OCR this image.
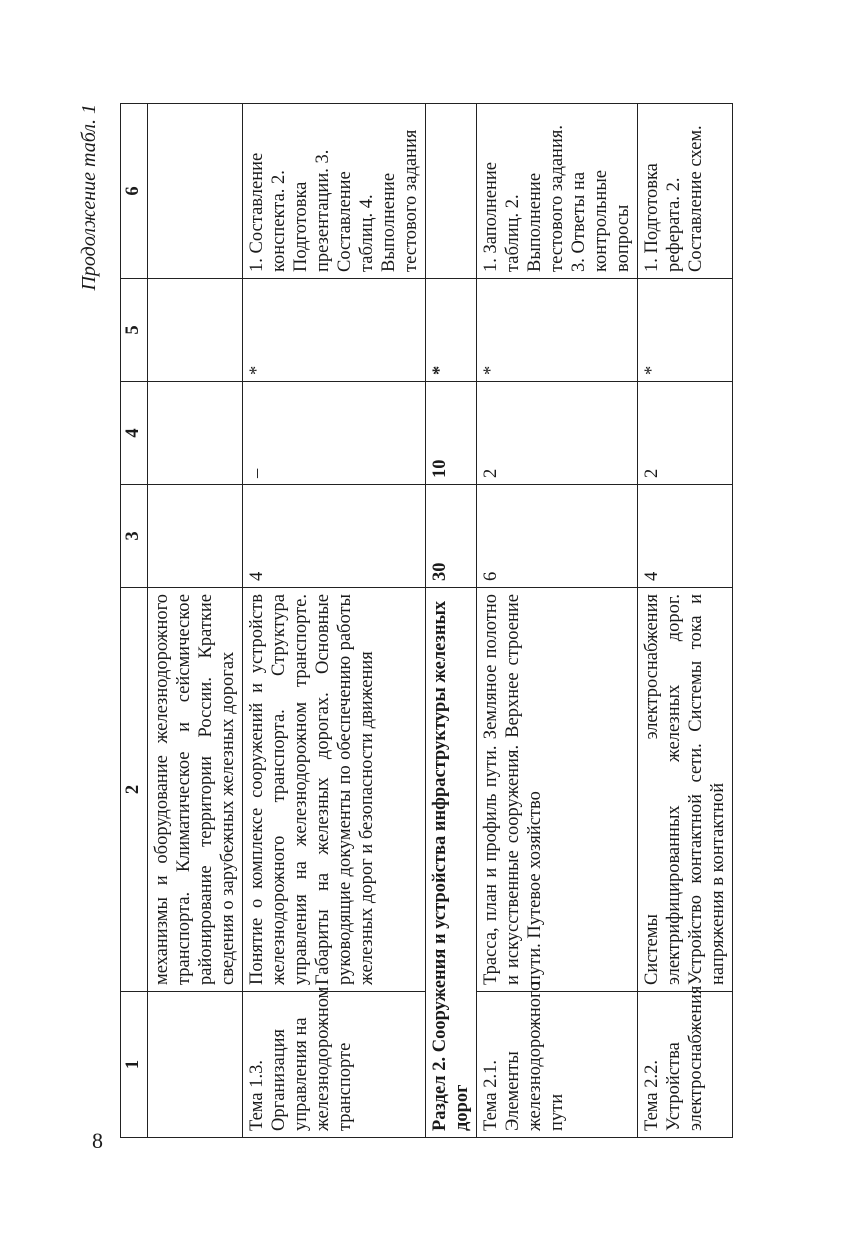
8
Продолжение табл. 1
1	2	3	4	5	6
	механизмы и оборудование железнодорожного транспорта. Климатическое и сейсмическое районирование территории России. Краткие сведения о зарубежных железных дорогах				
Тема 1.3. Организация управления на железнодорожном транспорте	Понятие о комплексе сооружений и устройств железнодорожного транспорта. Структура управления на железнодорожном транспорте. Габариты на железных дорогах. Основные руководящие документы по обеспечению работы железных дорог и безопасности движения	4	–	*	1. Составление конспекта. 2. Подготовка презентации. 3. Составление таблиц. 4. Выполнение тестового задания
Раздел 2. Сооружения и устройства инфраструктуры железных дорог		30	10	*	
Тема 2.1. Элементы железнодорожного пути	Трасса, план и профиль пути. Земляное полотно и искусственные сооружения. Верхнее строение пути. Путевое хозяйство	6	2	*	1. Заполнение таблиц. 2. Выполнение тестового задания. 3. Ответы на контрольные вопросы
Тема 2.2. Устройства электроснабжения	Системы электроснабжения электрифицированных железных дорог. Устройство контактной сети. Системы тока и напряжения в контактной	4	2	*	1. Подготовка реферата. 2. Составление схем.
